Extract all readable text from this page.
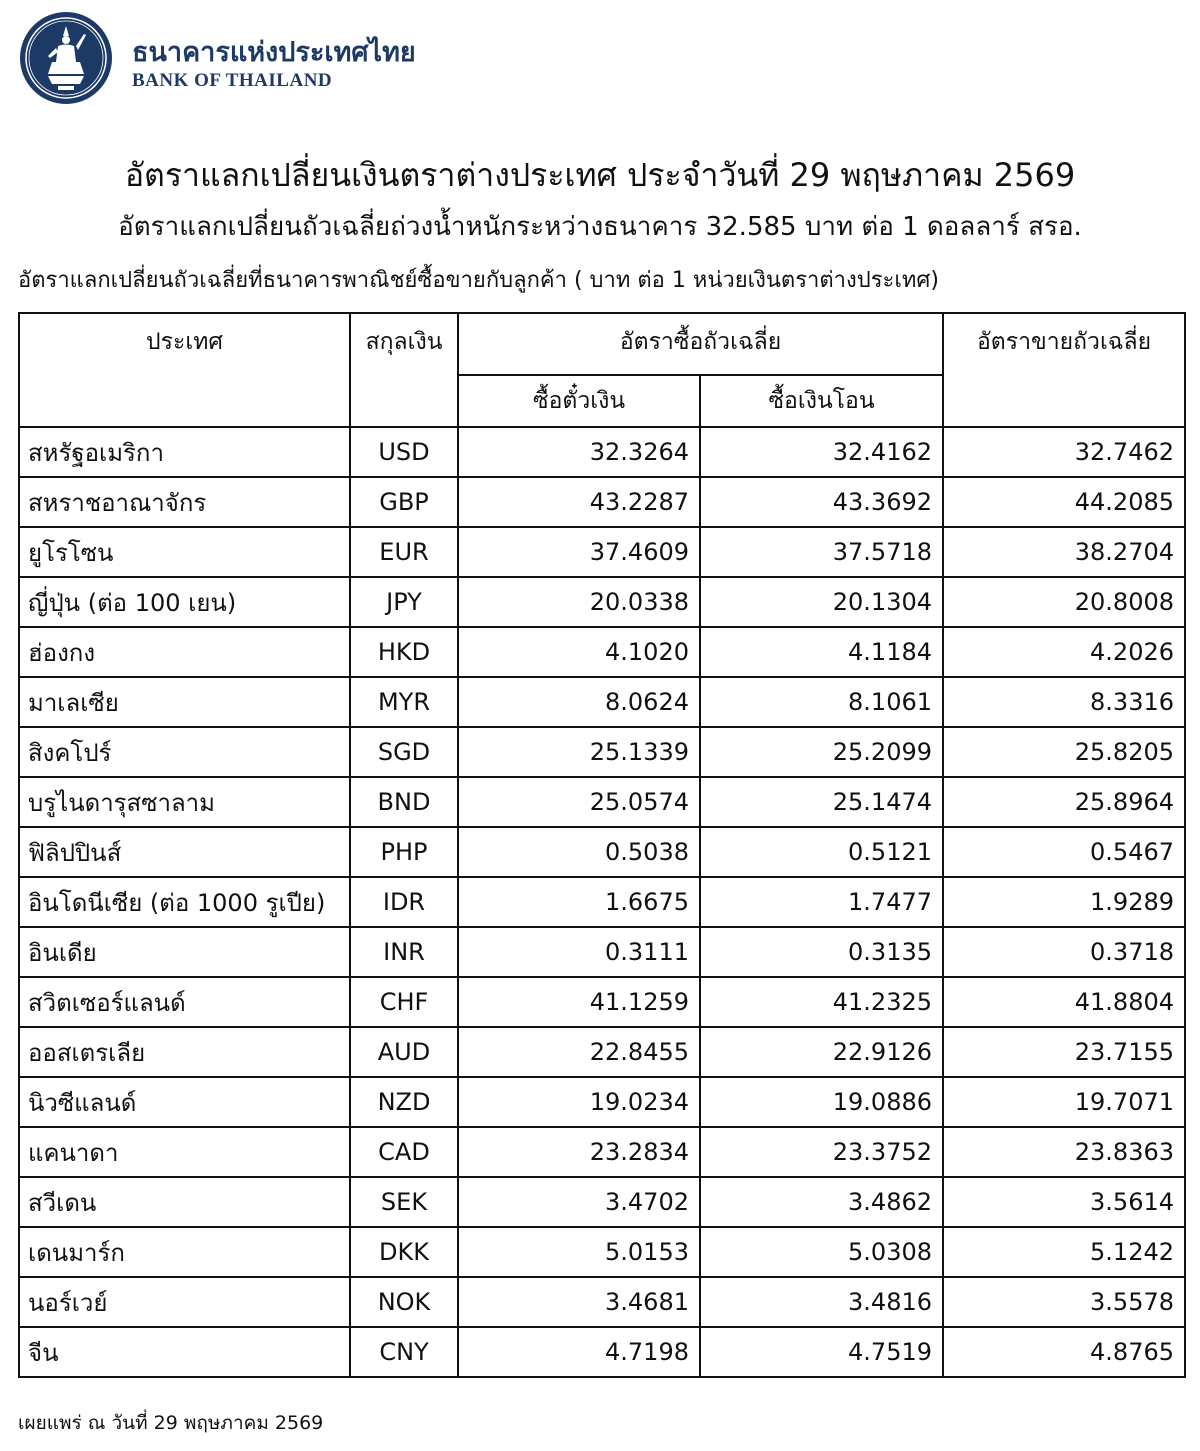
ธนาคารแห่งประเทศไทย
BANK OF THAILAND
อัตราแลกเปลี่ยนเงินตราต่างประเทศ ประจำวันที่ 29 พฤษภาคม 2569
อัตราแลกเปลี่ยนถัวเฉลี่ยถ่วงน้ำหนักระหว่างธนาคาร 32.585 บาท ต่อ 1 ดอลลาร์ สรอ.
อัตราแลกเปลี่ยนถัวเฉลี่ยที่ธนาคารพาณิชย์ซื้อขายกับลูกค้า ( บาท ต่อ 1 หน่วยเงินตราต่างประเทศ)
ประเทศ	สกุลเงิน	อัตราซื้อถัวเฉลี่ย		อัตราขายถัวเฉลี่ย
		ซื้อตั๋วเงิน	ซื้อเงินโอน	
สหรัฐอเมริกา	USD	32.3264	32.4162	32.7462
สหราชอาณาจักร	GBP	43.2287	43.3692	44.2085
ยูโรโซน	EUR	37.4609	37.5718	38.2704
ญี่ปุ่น (ต่อ 100 เยน)	JPY	20.0338	20.1304	20.8008
ฮ่องกง	HKD	4.1020	4.1184	4.2026
มาเลเซีย	MYR	8.0624	8.1061	8.3316
สิงคโปร์	SGD	25.1339	25.2099	25.8205
บรูไนดารุสซาลาม	BND	25.0574	25.1474	25.8964
ฟิลิปปินส์	PHP	0.5038	0.5121	0.5467
อินโดนีเซีย (ต่อ 1000 รูเปีย)	IDR	1.6675	1.7477	1.9289
อินเดีย	INR	0.3111	0.3135	0.3718
สวิตเซอร์แลนด์	CHF	41.1259	41.2325	41.8804
ออสเตรเลีย	AUD	22.8455	22.9126	23.7155
นิวซีแลนด์	NZD	19.0234	19.0886	19.7071
แคนาดา	CAD	23.2834	23.3752	23.8363
สวีเดน	SEK	3.4702	3.4862	3.5614
เดนมาร์ก	DKK	5.0153	5.0308	5.1242
นอร์เวย์	NOK	3.4681	3.4816	3.5578
จีน	CNY	4.7198	4.7519	4.8765
เผยแพร่ ณ วันที่ 29 พฤษภาคม 2569
